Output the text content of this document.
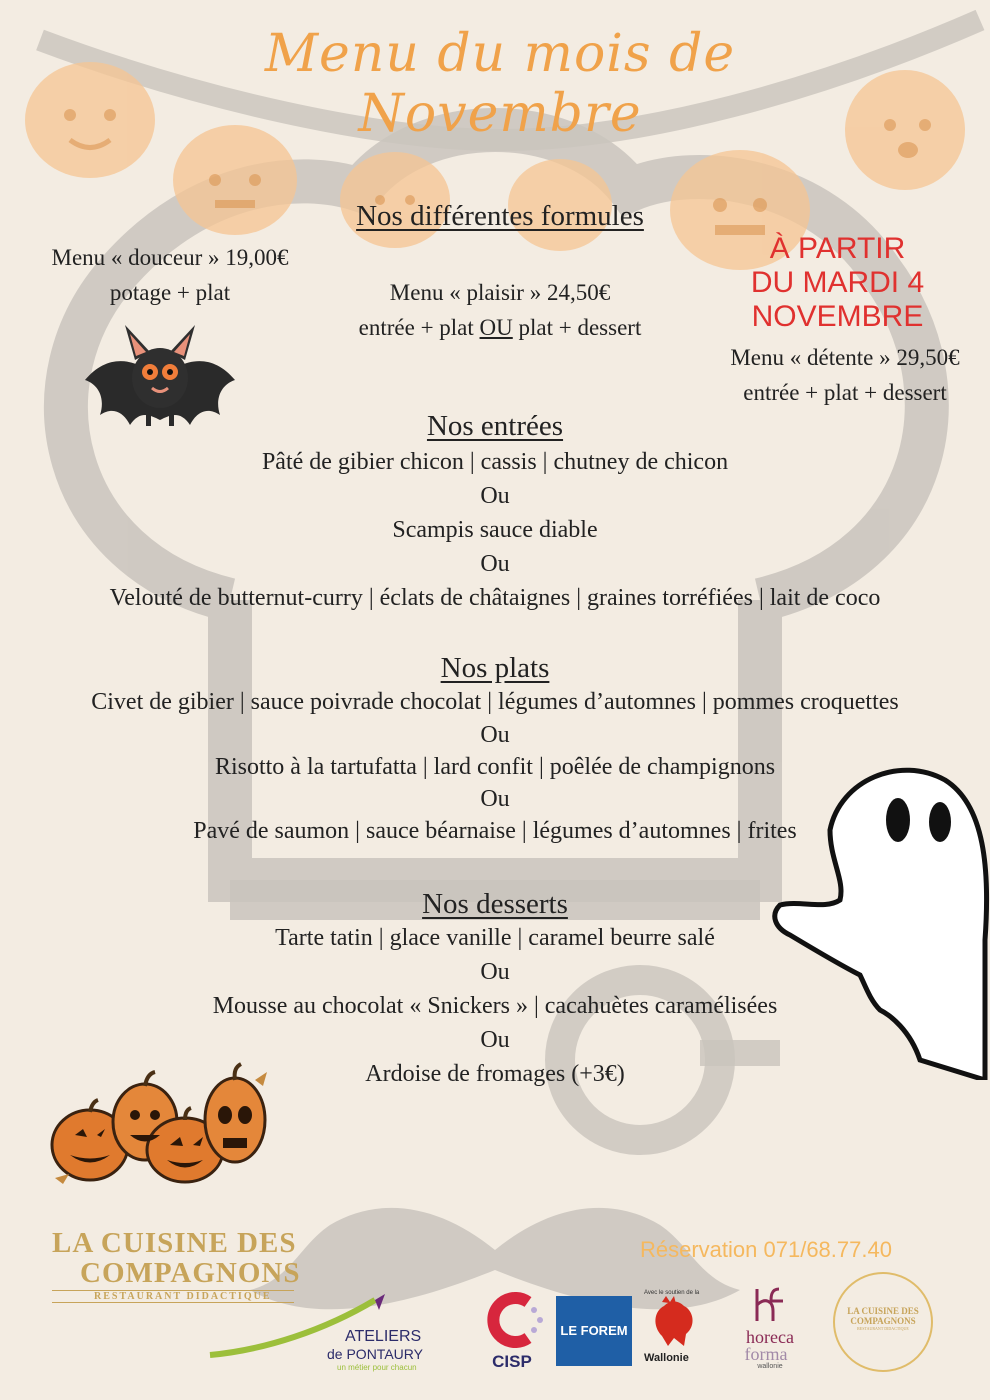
Menu du mois de Novembre
Nos différentes formules
Menu « douceur » 19,00€
potage + plat	Menu « plaisir » 24,50€
entrée + plat OU plat + dessert
À PARTIR
DU MARDI 4
NOVEMBRE
Menu « détente » 29,50€
entrée + plat + dessert
Nos entrées
Pâté de gibier chicon | cassis | chutney de chicon
Ou
Scampis sauce diable
Ou
Velouté de butternut-curry | éclats de châtaignes | graines torréfiées | lait de coco
Nos plats
Civet de gibier | sauce poivrade chocolat | légumes d’automnes | pommes croquettes
Ou
Risotto à la tartufatta | lard confit | poêlée de champignons
Ou
Pavé de saumon | sauce béarnaise | légumes d’automnes | frites
Nos desserts
Tarte tatin | glace vanille | caramel beurre salé
Ou
Mousse au chocolat « Snickers » | cacahuètes caramélisées
Ou
Ardoise de fromages (+3€)
LA CUISINE DES
COMPAGNONS
RESTAURANT DIDACTIQUE
Réservation 071/68.77.40
ATELIERS
de PONTAURY
un métier pour chacun	CISP
LE FOREM
Avec le soutien de la
Wallonie
horeca
forma
wallonie
LA CUISINE DES
COMPAGNONS
RESTAURANT DIDACTIQUE
